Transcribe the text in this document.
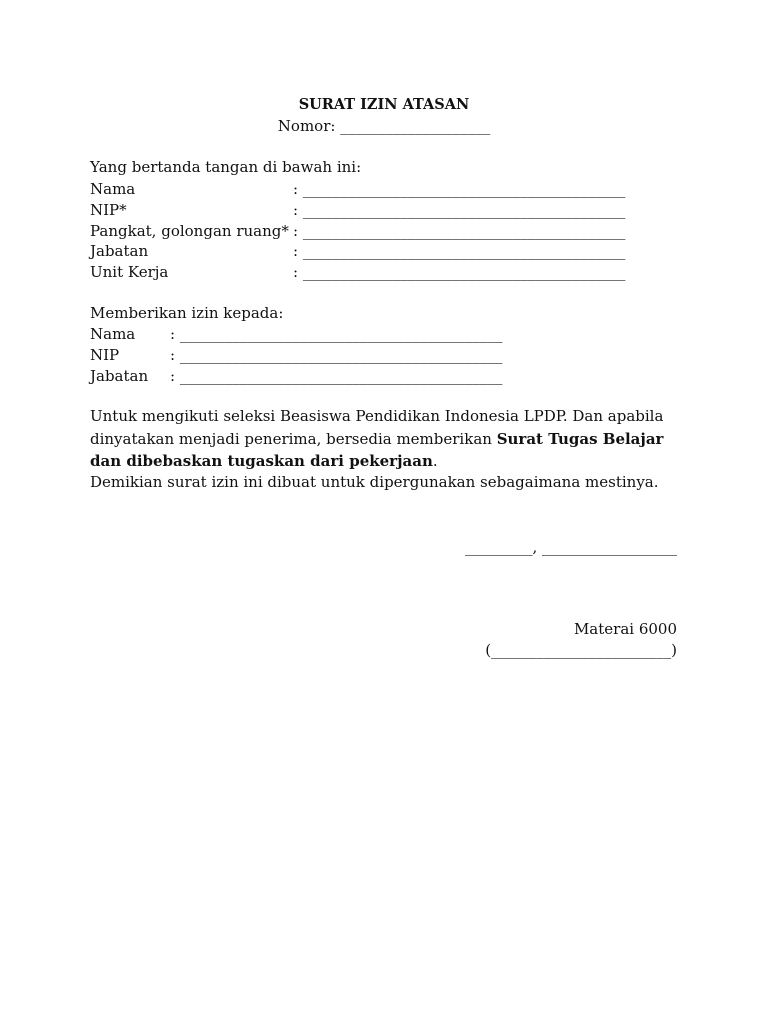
SURAT IZIN ATASAN
Nomor: ____________________
Yang bertanda tangan di bawah ini:
Nama	: ___________________________________________
NIP*	: ___________________________________________
Pangkat, golongan ruang* : ___________________________________________
Jabatan	: ___________________________________________
Unit Kerja	: ___________________________________________
Memberikan izin kepada:
Nama : ___________________________________________
NIP	: ___________________________________________
Jabatan : ___________________________________________
Untuk mengikuti seleksi Beasiswa Pendidikan Indonesia LPDP. Dan apabila dinyatakan menjadi penerima, bersedia memberikan Surat Tugas Belajar dan dibebaskan tugaskan dari pekerjaan.
Demikian surat izin ini dibuat untuk dipergunakan sebagaimana mestinya.
_________, __________________
Materai 6000
(________________________)
